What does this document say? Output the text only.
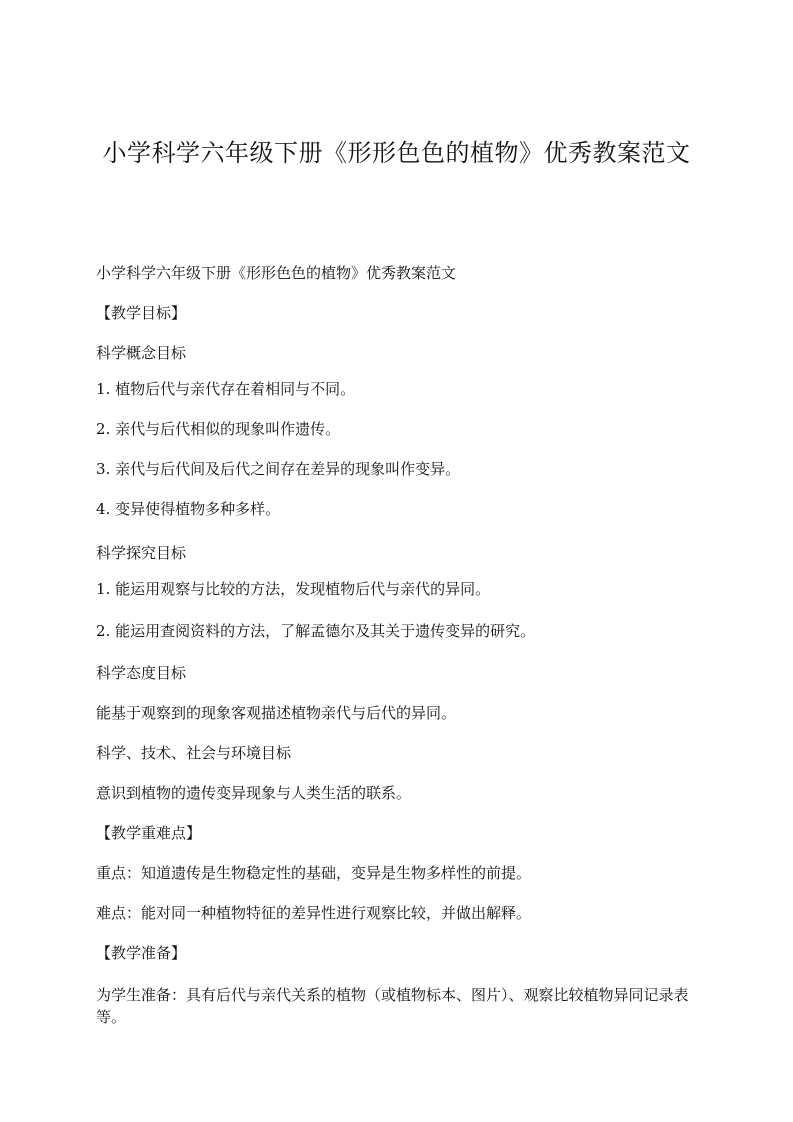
小学科学六年级下册《形形色色的植物》优秀教案范文
小学科学六年级下册《形形色色的植物》优秀教案范文
【教学目标】
科学概念目标
1. 植物后代与亲代存在着相同与不同。
2. 亲代与后代相似的现象叫作遗传。
3. 亲代与后代间及后代之间存在差异的现象叫作变异。
4. 变异使得植物多种多样。
科学探究目标
1. 能运用观察与比较的方法，发现植物后代与亲代的异同。
2. 能运用查阅资料的方法，了解孟德尔及其关于遗传变异的研究。
科学态度目标
能基于观察到的现象客观描述植物亲代与后代的异同。
科学、技术、社会与环境目标
意识到植物的遗传变异现象与人类生活的联系。
【教学重难点】
重点：知道遗传是生物稳定性的基础，变异是生物多样性的前提。
难点：能对同一种植物特征的差异性进行观察比较，并做出解释。
【教学准备】
为学生准备：具有后代与亲代关系的植物（或植物标本、图片）、观察比较植物异同记录表等。
